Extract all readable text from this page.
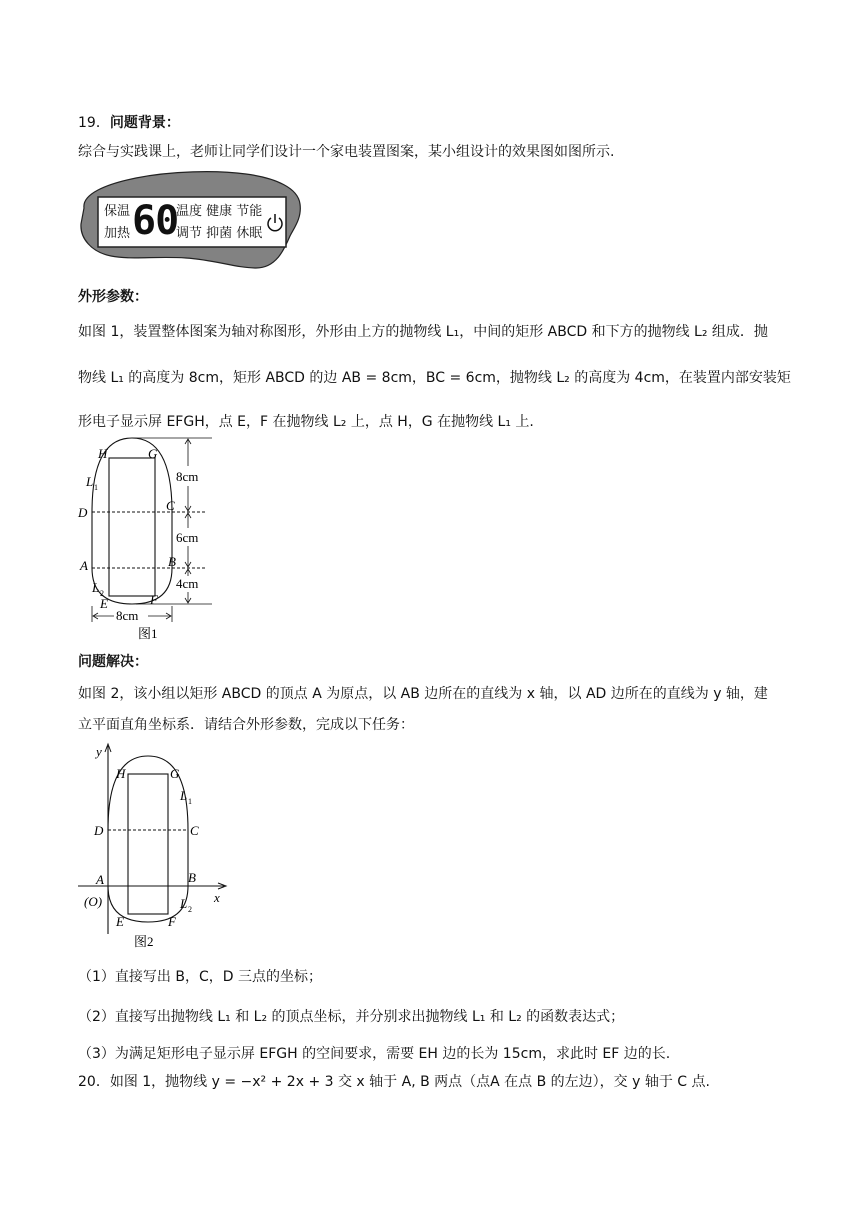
19．问题背景：
综合与实践课上，老师让同学们设计一个家电装置图案，某小组设计的效果图如图所示.
保温
加热 60
温度 健康 节能
调节 抑菌 休眠
外形参数：
如图 1，装置整体图案为轴对称图形，外形由上方的抛物线 L₁，中间的矩形 ABCD 和下方的抛物线 L₂ 组成．抛
物线 L₁ 的高度为 8cm，矩形 ABCD 的边 AB = 8cm，BC = 6cm，抛物线 L₂ 的高度为 4cm，在装置内部安装矩
形电子显示屏 EFGH，点 E，F 在抛物线 L₂ 上，点 H，G 在抛物线 L₁ 上.
H	G
L 1
D	C
A	B
L 2
E	F
8cm
6cm
4cm
8cm
图1
问题解决：
如图 2，该小组以矩形 ABCD 的顶点 A 为原点，以 AB 边所在的直线为 x 轴，以 AD 边所在的直线为 y 轴，建
立平面直角坐标系．请结合外形参数，完成以下任务：
y
x
H	G
L 1
D	C
A	B
(O)	L 2
E	F
图2
（1）直接写出 B，C，D 三点的坐标；
（2）直接写出抛物线 L₁ 和 L₂ 的顶点坐标，并分别求出抛物线 L₁ 和 L₂ 的函数表达式；
（3）为满足矩形电子显示屏 EFGH 的空间要求，需要 EH 边的长为 15cm，求此时 EF 边的长.
20．如图 1，抛物线 y = −x² + 2x + 3 交 x 轴于 A, B 两点（点A 在点 B 的左边），交 y 轴于 C 点.
